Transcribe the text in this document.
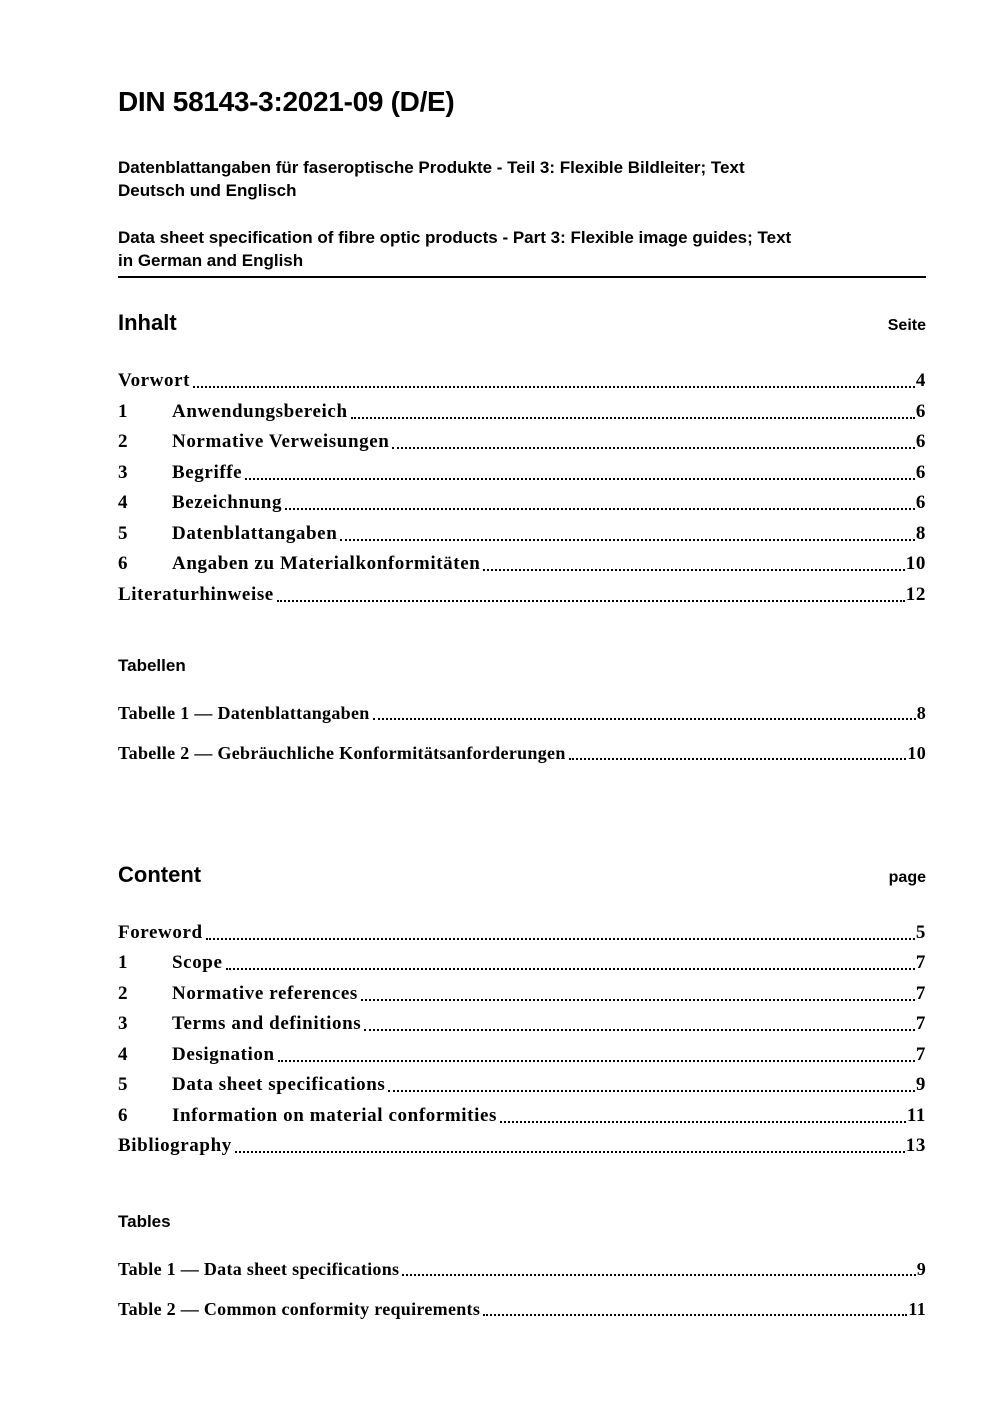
DIN 58143-3:2021-09 (D/E)
Datenblattangaben für faseroptische Produkte - Teil 3: Flexible Bildleiter; Text
Deutsch und Englisch
Data sheet specification of fibre optic products - Part 3: Flexible image guides; Text
in German and English
Inhalt	Seite
Vorwort	4
1	Anwendungsbereich	6
2	Normative Verweisungen	6
3	Begriffe	6
4	Bezeichnung	6
5	Datenblattangaben	8
6	Angaben zu Materialkonformitäten	10
Literaturhinweise	12
Tabellen
Tabelle 1 — Datenblattangaben	8
Tabelle 2 — Gebräuchliche Konformitätsanforderungen	10
Content	page
Foreword	5
1	Scope	7
2	Normative references	7
3	Terms and definitions	7
4	Designation	7
5	Data sheet specifications	9
6	Information on material conformities	11
Bibliography	13
Tables
Table 1 — Data sheet specifications	9
Table 2 — Common conformity requirements	11
